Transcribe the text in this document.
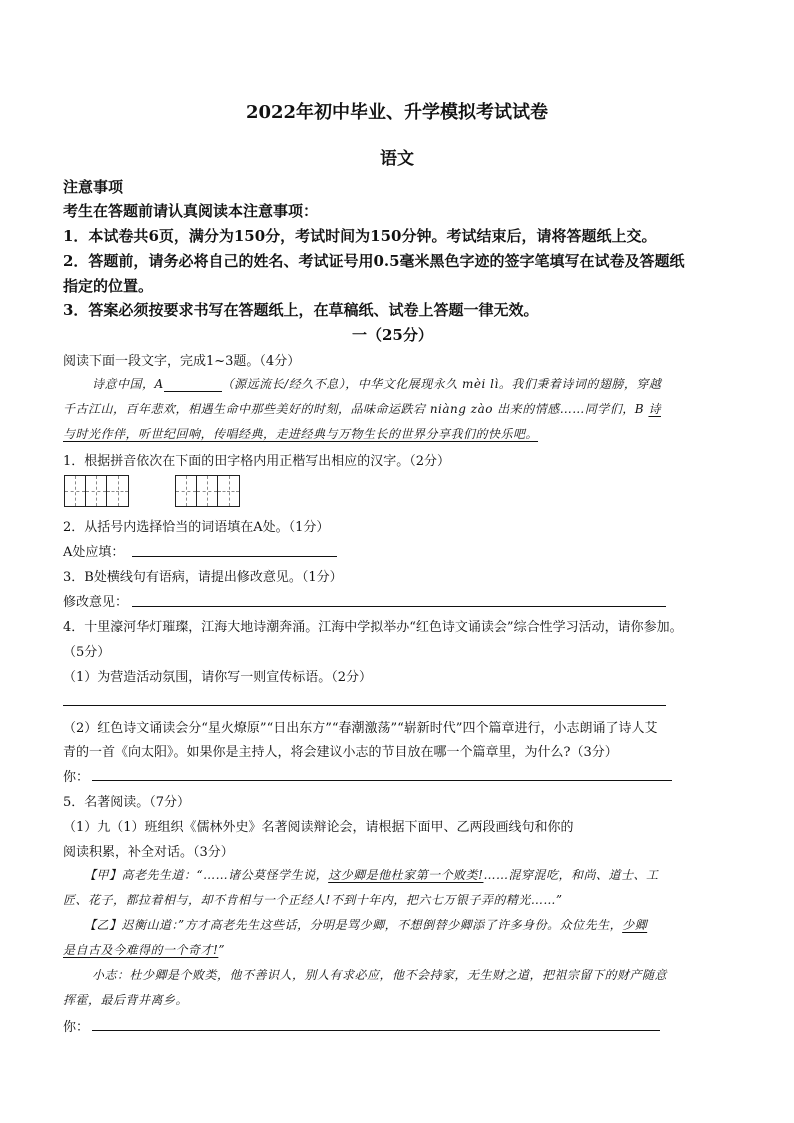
2022年初中毕业、升学模拟考试试卷
语文
注意事项
考生在答题前请认真阅读本注意事项：
1．本试卷共6页，满分为150分，考试时间为150分钟。考试结束后，请将答题纸上交。
2．答题前，请务必将自己的姓名、考试证号用0.5毫米黑色字迹的签字笔填写在试卷及答题纸
指定的位置。
3．答案必须按要求书写在答题纸上，在草稿纸、试卷上答题一律无效。
一（25分）
阅读下面一段文字，完成1~3题。（4分）
诗意中国，A	（源远流长/经久不息），中华文化展现永久 mèi lì。我们秉着诗词的翅膀，穿越
千古江山，百年悲欢，相遇生命中那些美好的时刻，品味命运跌宕 niàng zào 出来的情感……同学们，B 诗
与时光作伴，听世纪回响，传唱经典，走进经典与万物生长的世界分享我们的快乐吧。
1．根据拼音依次在下面的田字格内用正楷写出相应的汉字。（2分）
2．从括号内选择恰当的词语填在A处。（1分）
A处应填：
3．B处横线句有语病，请提出修改意见。（1分）
修改意见：
4．十里濠河华灯璀璨，江海大地诗潮奔涌。江海中学拟举办“红色诗文诵读会”综合性学习活动，请你参加。
（5分）
（1）为营造活动氛围，请你写一则宣传标语。（2分）
（2）红色诗文诵读会分“星火燎原”“日出东方”“春潮激荡”“崭新时代”四个篇章进行，小志朗诵了诗人艾
青的一首《向太阳》。如果你是主持人，将会建议小志的节目放在哪一个篇章里，为什么?（3分）
你：
5．名著阅读。（7分）
（1）九（1）班组织《儒林外史》名著阅读辩论会，请根据下面甲、乙两段画线句和你的
阅读积累，补全对话。（3分）
【甲】高老先生道：“……诸公莫怪学生说，这少卿是他杜家第一个败类!……混穿混吃，和尚、道士、工
匠、花子，都拉着相与，却不肯相与一个正经人!不到十年内，把六七万银子弄的精光……”
【乙】迟衡山道：”方才高老先生这些话，分明是骂少卿，不想倒替少卿添了许多身份。众位先生，少卿
是自古及今难得的一个奇才!”
小志：杜少卿是个败类，他不善识人，别人有求必应，他不会持家，无生财之道，把祖宗留下的财产随意
挥霍，最后背井离乡。
你：
